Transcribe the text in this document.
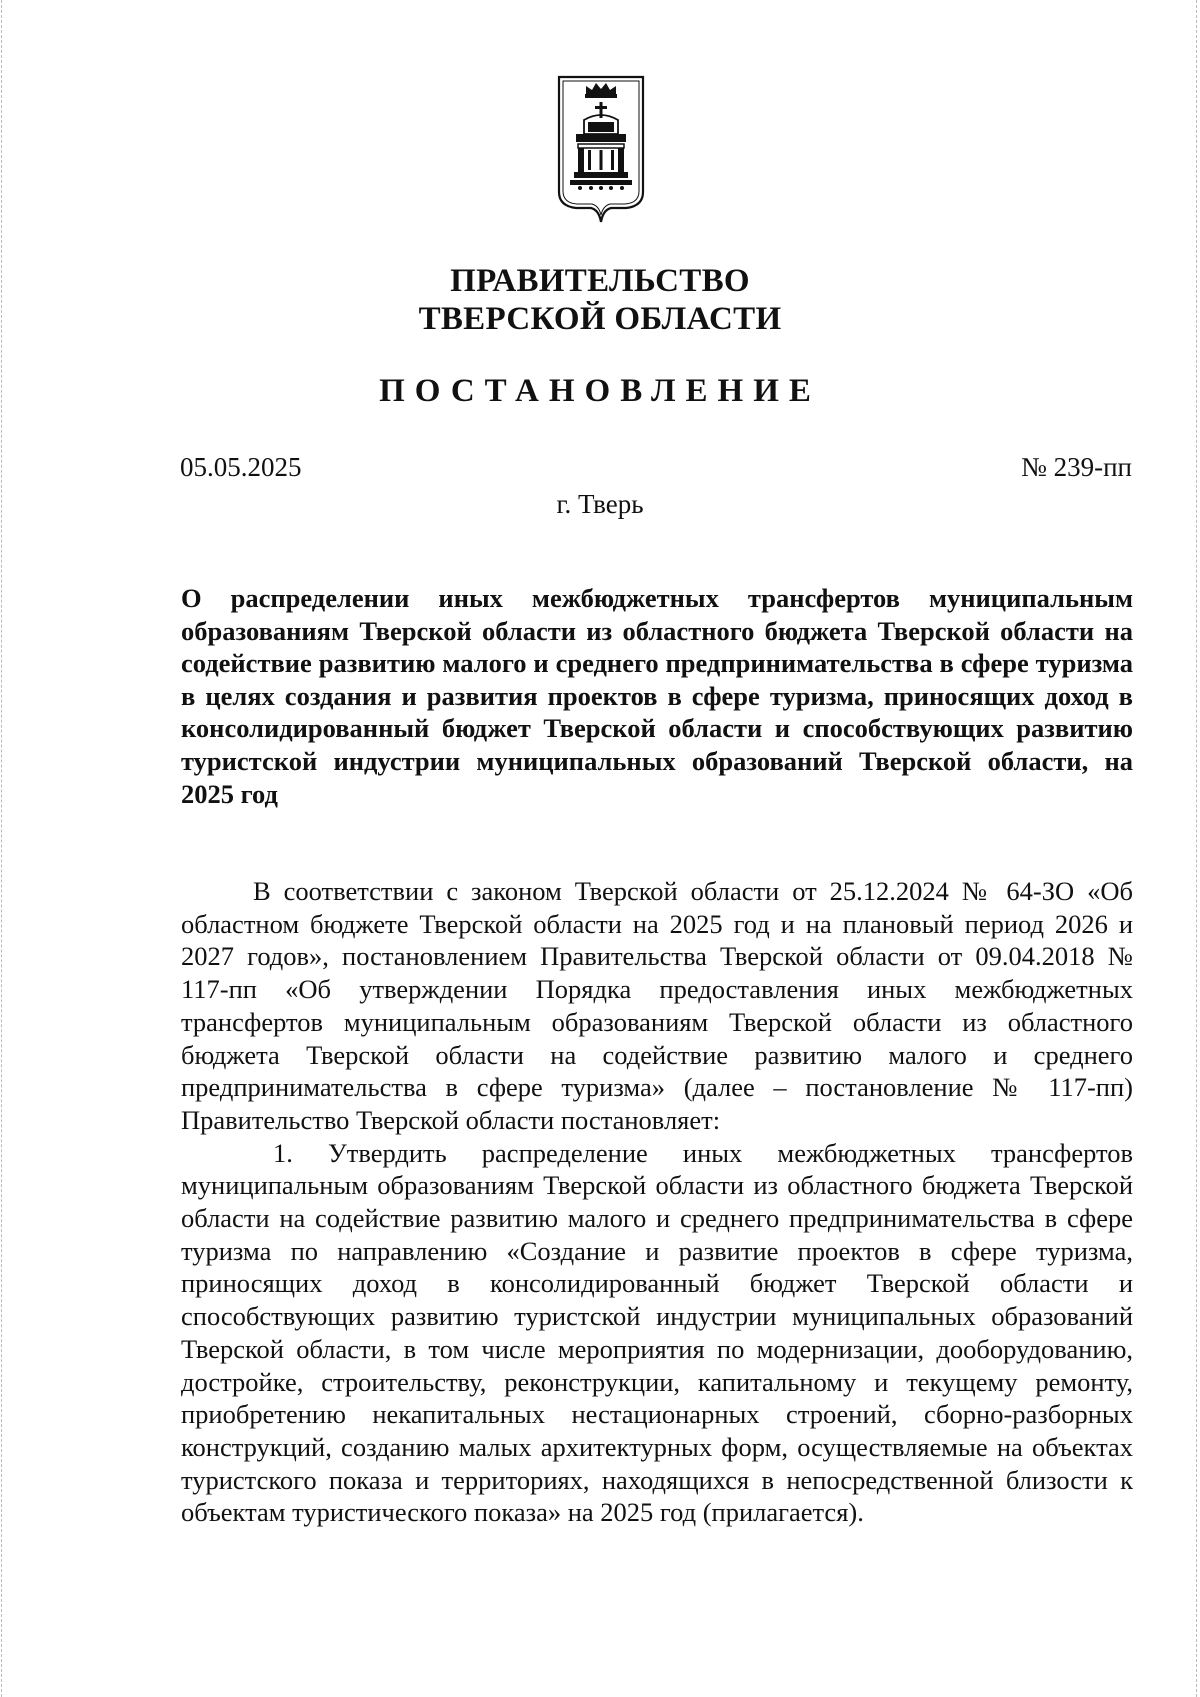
ПРАВИТЕЛЬСТВО
ТВЕРСКОЙ ОБЛАСТИ
ПОСТАНОВЛЕНИЕ
05.05.2025	№ 239-пп
г. Тверь
О распределении иных межбюджетных трансфертов муниципальным образованиям Тверской области из областного бюджета Тверской области на содействие развитию малого и среднего предпринимательства в сфере туризма в целях создания и развития проектов в сфере туризма, приносящих доход в консолидированный бюджет Тверской области и способствующих развитию туристской индустрии муниципальных образований Тверской области, на 2025 год

В соответствии с законом Тверской области от 25.12.2024 № 64-ЗО «Об областном бюджете Тверской области на 2025 год и на плановый период 2026 и 2027 годов», постановлением Правительства Тверской области от 09.04.2018 № 117-пп «Об утверждении Порядка предоставления иных межбюджетных трансфертов муниципальным образованиям Тверской области из областного бюджета Тверской области на содействие развитию малого и среднего предпринимательства в сфере туризма» (далее – постановление № 117-пп) Правительство Тверской области постановляет:

1. Утвердить распределение иных межбюджетных трансфертов муниципальным образованиям Тверской области из областного бюджета Тверской области на содействие развитию малого и среднего предпринимательства в сфере туризма по направлению «Создание и развитие проектов в сфере туризма, приносящих доход в консолидированный бюджет Тверской области и способствующих развитию туристской индустрии муниципальных образований Тверской области, в том числе мероприятия по модернизации, дооборудованию, достройке, строительству, реконструкции, капитальному и текущему ремонту, приобретению некапитальных нестационарных строений, сборно-разборных конструкций, созданию малых архитектурных форм, осуществляемые на объектах туристского показа и территориях, находящихся в непосредственной близости к объектам туристического показа» на 2025 год (прилагается).
